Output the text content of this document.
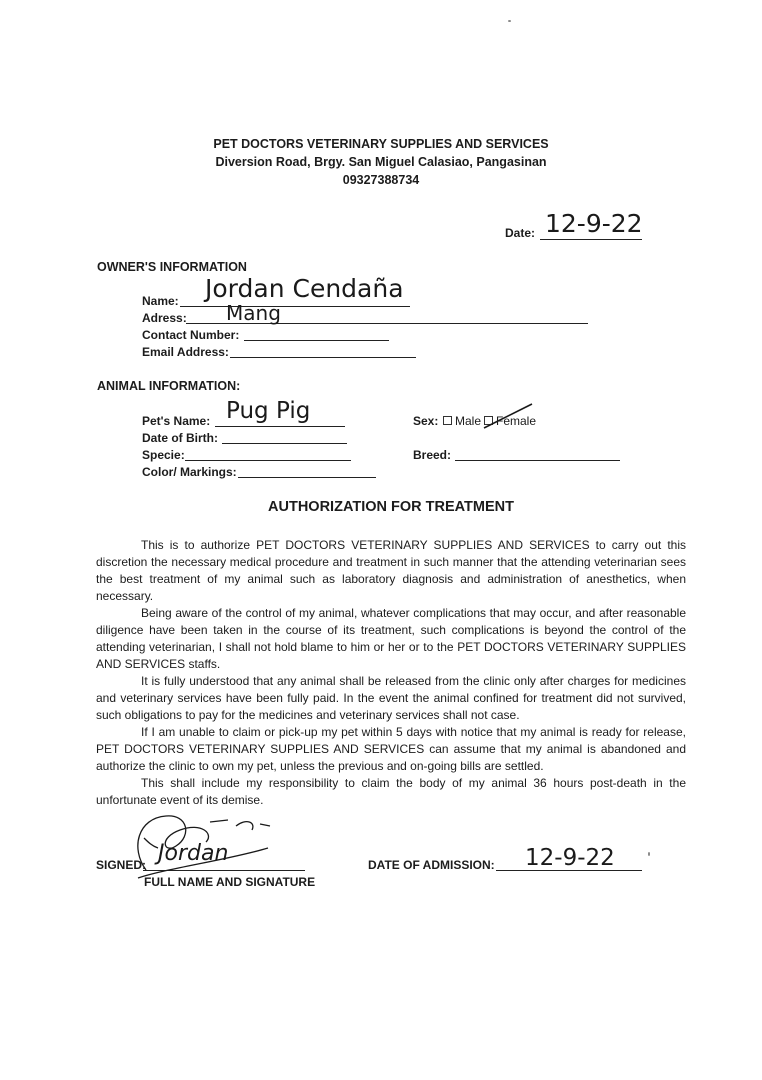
PET DOCTORS VETERINARY SUPPLIES AND SERVICES
Diversion Road, Brgy. San Miguel Calasiao, Pangasinan
09327388734
Date: 12-9-22
OWNER'S INFORMATION
Name: Jordan Cendaña
Adress: Mang
Contact Number:
Email Address:
ANIMAL INFORMATION:
Pet's Name: Pug Pig
Date of Birth:
Specie:
Color/ Markings:
Sex:	Male	Female
Breed:
AUTHORIZATION FOR TREATMENT

This is to authorize PET DOCTORS VETERINARY SUPPLIES AND SERVICES to carry out this discretion the necessary medical procedure and treatment in such manner that the attending veterinarian sees the best treatment of my animal such as laboratory diagnosis and administration of anesthetics, when necessary.

Being aware of the control of my animal, whatever complications that may occur, and after reasonable diligence have been taken in the course of its treatment, such complications is beyond the control of the attending veterinarian, I shall not hold blame to him or her or to the PET DOCTORS VETERINARY SUPPLIES AND SERVICES staffs.

It is fully understood that any animal shall be released from the clinic only after charges for medicines and veterinary services have been fully paid. In the event the animal confined for treatment did not survived, such obligations to pay for the medicines and veterinary services shall not case.

If I am unable to claim or pick-up my pet within 5 days with notice that my animal is ready for release, PET DOCTORS VETERINARY SUPPLIES AND SERVICES can assume that my animal is abandoned and authorize the clinic to own my pet, unless the previous and on-going bills are settled.

This shall include my responsibility to claim the body of my animal 36 hours post-death in the unfortunate event of its demise.

SIGNED:
FULL NAME AND SIGNATURE
Jordan	DATE OF ADMISSION: 12-9-22
